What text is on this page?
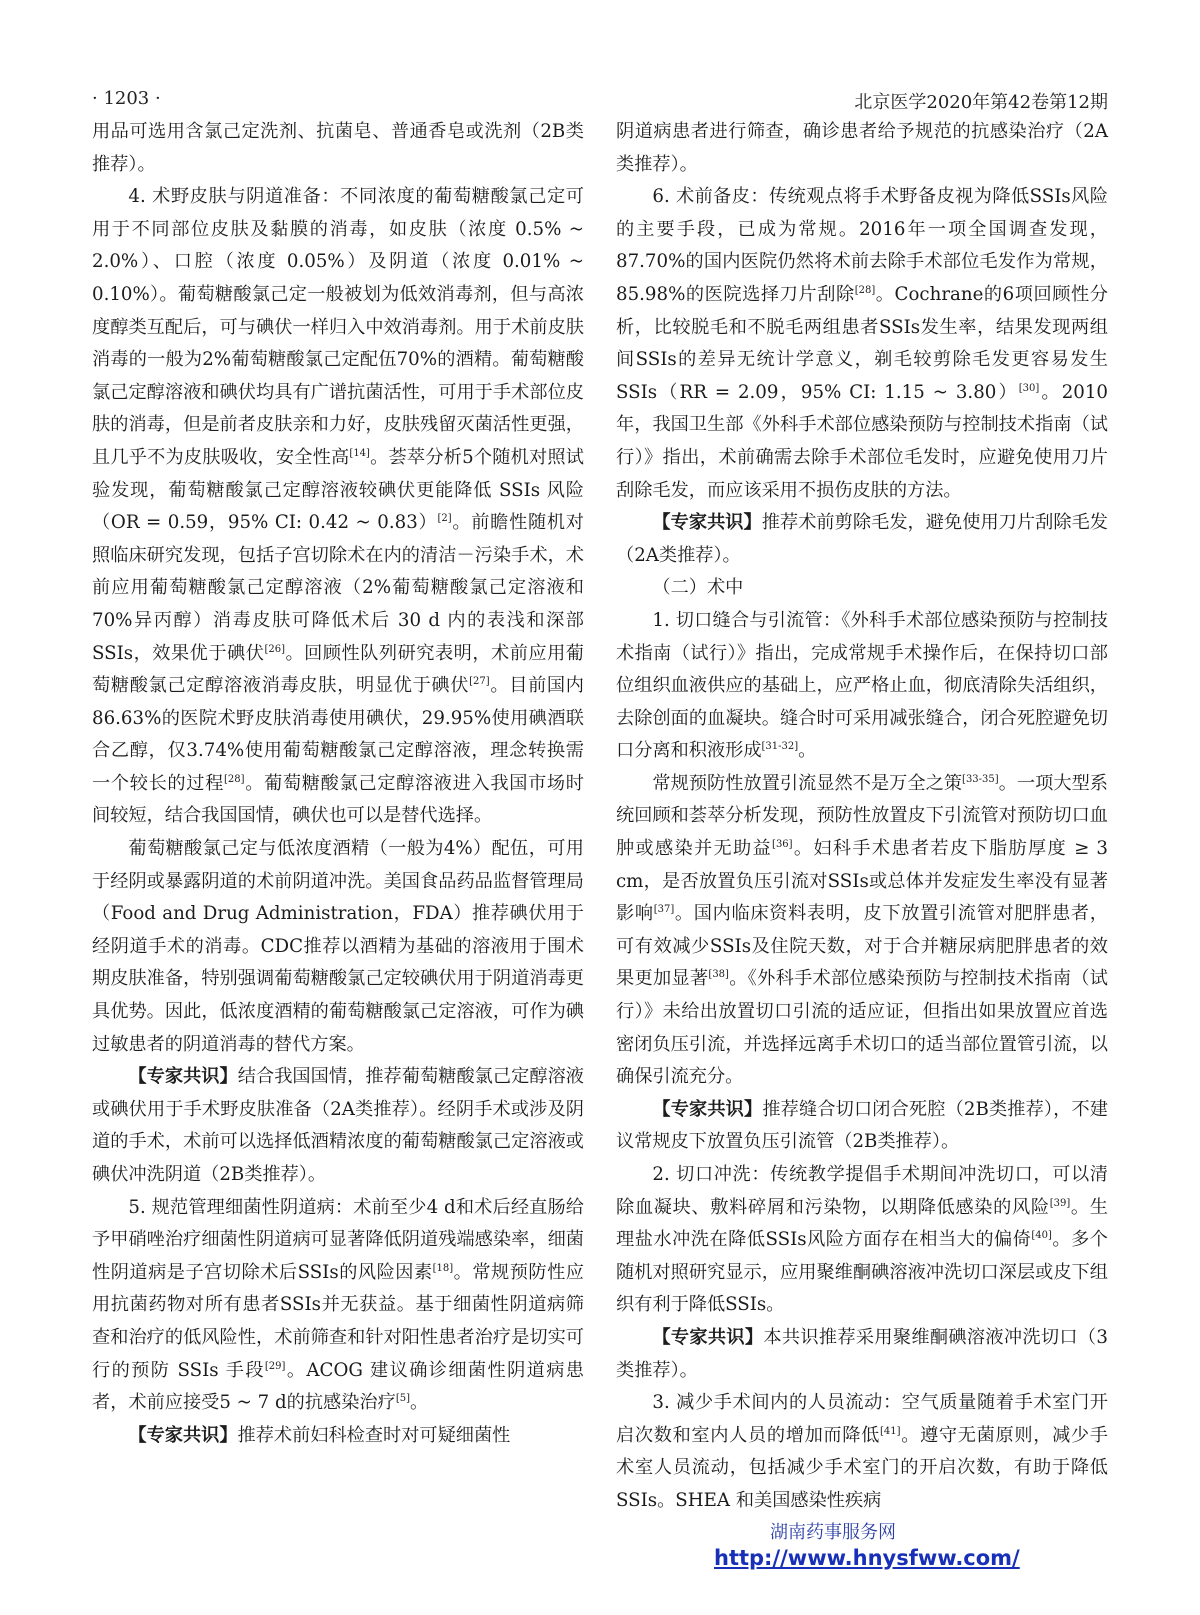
· 1203 ·	北京医学2020年第42卷第12期

用品可选用含氯己定洗剂、抗菌皂、普通香皂或洗剂（2B类推荐）。

4. 术野皮肤与阴道准备：不同浓度的葡萄糖酸氯己定可用于不同部位皮肤及黏膜的消毒，如皮肤（浓度 0.5% ~ 2.0%）、口腔（浓度 0.05%）及阴道（浓度 0.01% ~ 0.10%）。葡萄糖酸氯己定一般被划为低效消毒剂，但与高浓度醇类互配后，可与碘伏一样归入中效消毒剂。用于术前皮肤消毒的一般为2%葡萄糖酸氯己定配伍70%的酒精。葡萄糖酸氯己定醇溶液和碘伏均具有广谱抗菌活性，可用于手术部位皮肤的消毒，但是前者皮肤亲和力好，皮肤残留灭菌活性更强，且几乎不为皮肤吸收，安全性高[14]。荟萃分析5个随机对照试验发现，葡萄糖酸氯己定醇溶液较碘伏更能降低 SSIs 风险（OR = 0.59，95% CI: 0.42 ~ 0.83）[2]。前瞻性随机对照临床研究发现，包括子宫切除术在内的清洁－污染手术，术前应用葡萄糖酸氯己定醇溶液（2%葡萄糖酸氯己定溶液和70%异丙醇）消毒皮肤可降低术后 30 d 内的表浅和深部 SSIs，效果优于碘伏[26]。回顾性队列研究表明，术前应用葡萄糖酸氯己定醇溶液消毒皮肤，明显优于碘伏[27]。目前国内86.63%的医院术野皮肤消毒使用碘伏，29.95%使用碘酒联合乙醇，仅3.74%使用葡萄糖酸氯己定醇溶液，理念转换需一个较长的过程[28]。葡萄糖酸氯己定醇溶液进入我国市场时间较短，结合我国国情，碘伏也可以是替代选择。

葡萄糖酸氯己定与低浓度酒精（一般为4%）配伍，可用于经阴或暴露阴道的术前阴道冲洗。美国食品药品监督管理局（Food and Drug Administration，FDA）推荐碘伏用于经阴道手术的消毒。CDC推荐以酒精为基础的溶液用于围术期皮肤准备，特别强调葡萄糖酸氯己定较碘伏用于阴道消毒更具优势。因此，低浓度酒精的葡萄糖酸氯己定溶液，可作为碘过敏患者的阴道消毒的替代方案。

【专家共识】结合我国国情，推荐葡萄糖酸氯己定醇溶液或碘伏用于手术野皮肤准备（2A类推荐）。经阴手术或涉及阴道的手术，术前可以选择低酒精浓度的葡萄糖酸氯己定溶液或碘伏冲洗阴道（2B类推荐）。

5. 规范管理细菌性阴道病：术前至少4 d和术后经直肠给予甲硝唑治疗细菌性阴道病可显著降低阴道残端感染率，细菌性阴道病是子宫切除术后SSIs的风险因素[18]。常规预防性应用抗菌药物对所有患者SSIs并无获益。基于细菌性阴道病筛查和治疗的低风险性，术前筛查和针对阳性患者治疗是切实可行的预防 SSIs 手段[29]。ACOG 建议确诊细菌性阴道病患者，术前应接受5 ~ 7 d的抗感染治疗[5]。

【专家共识】推荐术前妇科检查时对可疑细菌性

阴道病患者进行筛查，确诊患者给予规范的抗感染治疗（2A类推荐）。

6. 术前备皮：传统观点将手术野备皮视为降低SSIs风险的主要手段，已成为常规。2016年一项全国调查发现，87.70%的国内医院仍然将术前去除手术部位毛发作为常规，85.98%的医院选择刀片刮除[28]。Cochrane的6项回顾性分析，比较脱毛和不脱毛两组患者SSIs发生率，结果发现两组间SSIs的差异无统计学意义，剃毛较剪除毛发更容易发生SSIs（RR = 2.09，95% CI: 1.15 ~ 3.80）[30]。2010年，我国卫生部《外科手术部位感染预防与控制技术指南（试行）》指出，术前确需去除手术部位毛发时，应避免使用刀片刮除毛发，而应该采用不损伤皮肤的方法。

【专家共识】推荐术前剪除毛发，避免使用刀片刮除毛发（2A类推荐）。

（二）术中

1. 切口缝合与引流管：《外科手术部位感染预防与控制技术指南（试行）》指出，完成常规手术操作后，在保持切口部位组织血液供应的基础上，应严格止血，彻底清除失活组织，去除创面的血凝块。缝合时可采用减张缝合，闭合死腔避免切口分离和积液形成[31-32]。

常规预防性放置引流显然不是万全之策[33-35]。一项大型系统回顾和荟萃分析发现，预防性放置皮下引流管对预防切口血肿或感染并无助益[36]。妇科手术患者若皮下脂肪厚度 ≥ 3 cm，是否放置负压引流对SSIs或总体并发症发生率没有显著影响[37]。国内临床资料表明，皮下放置引流管对肥胖患者，可有效减少SSIs及住院天数，对于合并糖尿病肥胖患者的效果更加显著[38]。《外科手术部位感染预防与控制技术指南（试行）》未给出放置切口引流的适应证，但指出如果放置应首选密闭负压引流，并选择远离手术切口的适当部位置管引流，以确保引流充分。

【专家共识】推荐缝合切口闭合死腔（2B类推荐），不建议常规皮下放置负压引流管（2B类推荐）。

2. 切口冲洗：传统教学提倡手术期间冲洗切口，可以清除血凝块、敷料碎屑和污染物，以期降低感染的风险[39]。生理盐水冲洗在降低SSIs风险方面存在相当大的偏倚[40]。多个随机对照研究显示，应用聚维酮碘溶液冲洗切口深层或皮下组织有利于降低SSIs。

【专家共识】本共识推荐采用聚维酮碘溶液冲洗切口（3类推荐）。

3. 减少手术间内的人员流动：空气质量随着手术室门开启次数和室内人员的增加而降低[41]。遵守无菌原则，减少手术室人员流动，包括减少手术室门的开启次数，有助于降低SSIs。SHEA 和美国感染性疾病

湖南药事服务网
http://www.hnysfww.com/
